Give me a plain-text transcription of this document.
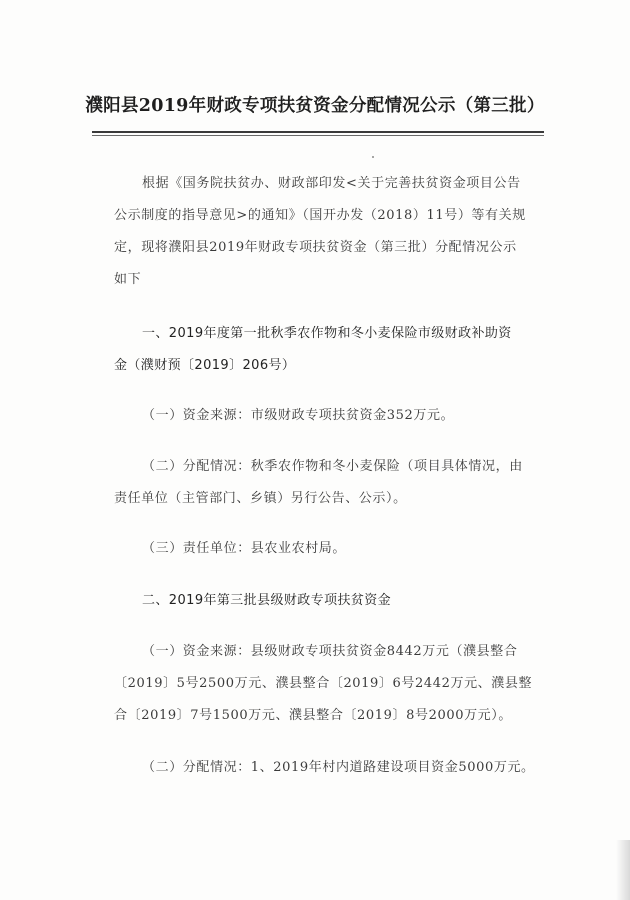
濮阳县2019年财政专项扶贫资金分配情况公示（第三批）
根据《国务院扶贫办、财政部印发<关于完善扶贫资金项目公告
公示制度的指导意见>的通知》（国开办发（2018）11号）等有关规
定，现将濮阳县2019年财政专项扶贫资金（第三批）分配情况公示
如下
一、2019年度第一批秋季农作物和冬小麦保险市级财政补助资
金（濮财预〔2019〕206号）
（一）资金来源：市级财政专项扶贫资金352万元。
（二）分配情况：秋季农作物和冬小麦保险（项目具体情况，由
责任单位（主管部门、乡镇）另行公告、公示）。
（三）责任单位：县农业农村局。
二、2019年第三批县级财政专项扶贫资金
（一）资金来源：县级财政专项扶贫资金8442万元（濮县整合
〔2019〕5号2500万元、濮县整合〔2019〕6号2442万元、濮县整
合〔2019〕7号1500万元、濮县整合〔2019〕8号2000万元）。
（二）分配情况：1、2019年村内道路建设项目资金5000万元。
